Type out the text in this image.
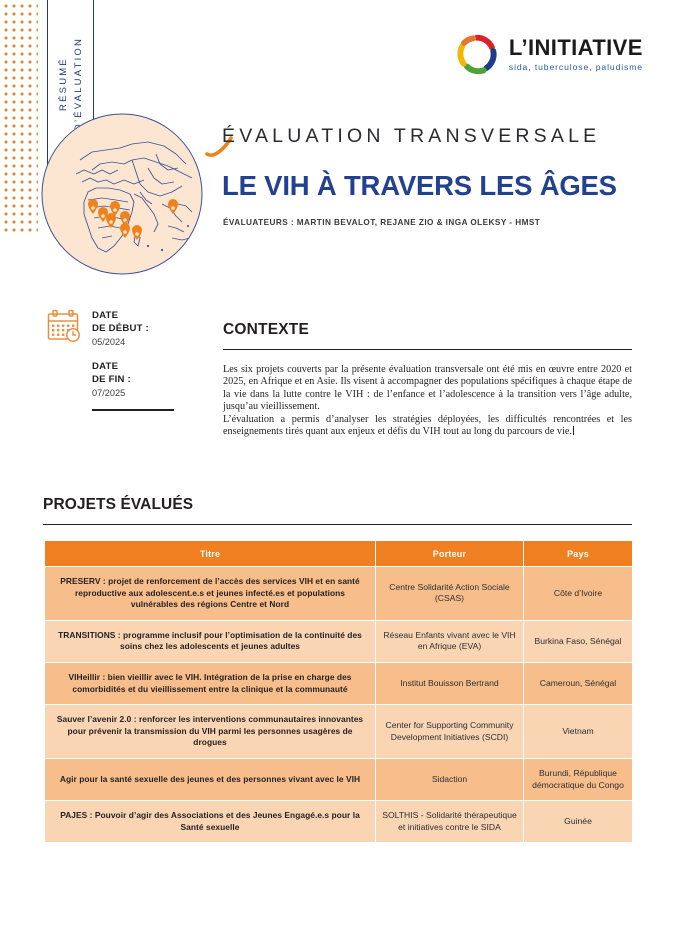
RÉSUMÉ D’ÉVALUATION	L’INITIATIVE
sida, tuberculose, paludisme
ÉVALUATION TRANSVERSALE
LE VIH À TRAVERS LES ÂGES
ÉVALUATEURS : MARTIN BEVALOT, REJANE ZIO & INGA OLEKSY - HMST
DATE
DE DÉBUT :
05/2024
DATE
DE FIN :
07/2025
CONTEXTE

Les six projets couverts par la présente évaluation transversale ont été mis en œuvre entre 2020 et 2025, en Afrique et en Asie. Ils visent à accompagner des populations spécifiques à chaque étape de la vie dans la lutte contre le VIH : de l’enfance et l’adolescence à la transition vers l’âge adulte, jusqu’au vieillissement.

L’évaluation a permis d’analyser les stratégies déployées, les difficultés rencontrées et les enseignements tirés quant aux enjeux et défis du VIH tout au long du parcours de vie.

PROJETS ÉVALUÉS
Titre	Porteur	Pays
PRESERV : projet de renforcement de l’accès des services VIH et en santé reproductive aux adolescent.e.s et jeunes infecté.es et populations vulnérables des régions Centre et Nord	Centre Solidarité Action Sociale (CSAS)	Côte d’Ivoire
TRANSITIONS : programme inclusif pour l’optimisation de la continuité des soins chez les adolescents et jeunes adultes	Réseau Enfants vivant avec le VIH en Afrique (EVA)	Burkina Faso, Sénégal
VIHeillir : bien vieillir avec le VIH. Intégration de la prise en charge des comorbidités et du vieillissement entre la clinique et la communauté	Institut Bouisson Bertrand	Cameroun, Sénégal
Sauver l’avenir 2.0 : renforcer les interventions communautaires innovantes pour prévenir la transmission du VIH parmi les personnes usagères de drogues	Center for Supporting Community Development Initiatives (SCDI)	Vietnam
Agir pour la santé sexuelle des jeunes et des personnes vivant avec le VIH	Sidaction	Burundi, République démocratique du Congo
PAJES : Pouvoir d’agir des Associations et des Jeunes Engagé.e.s pour la Santé sexuelle	SOLTHIS - Solidarité thérapeutique et initiatives contre le SIDA	Guinée
